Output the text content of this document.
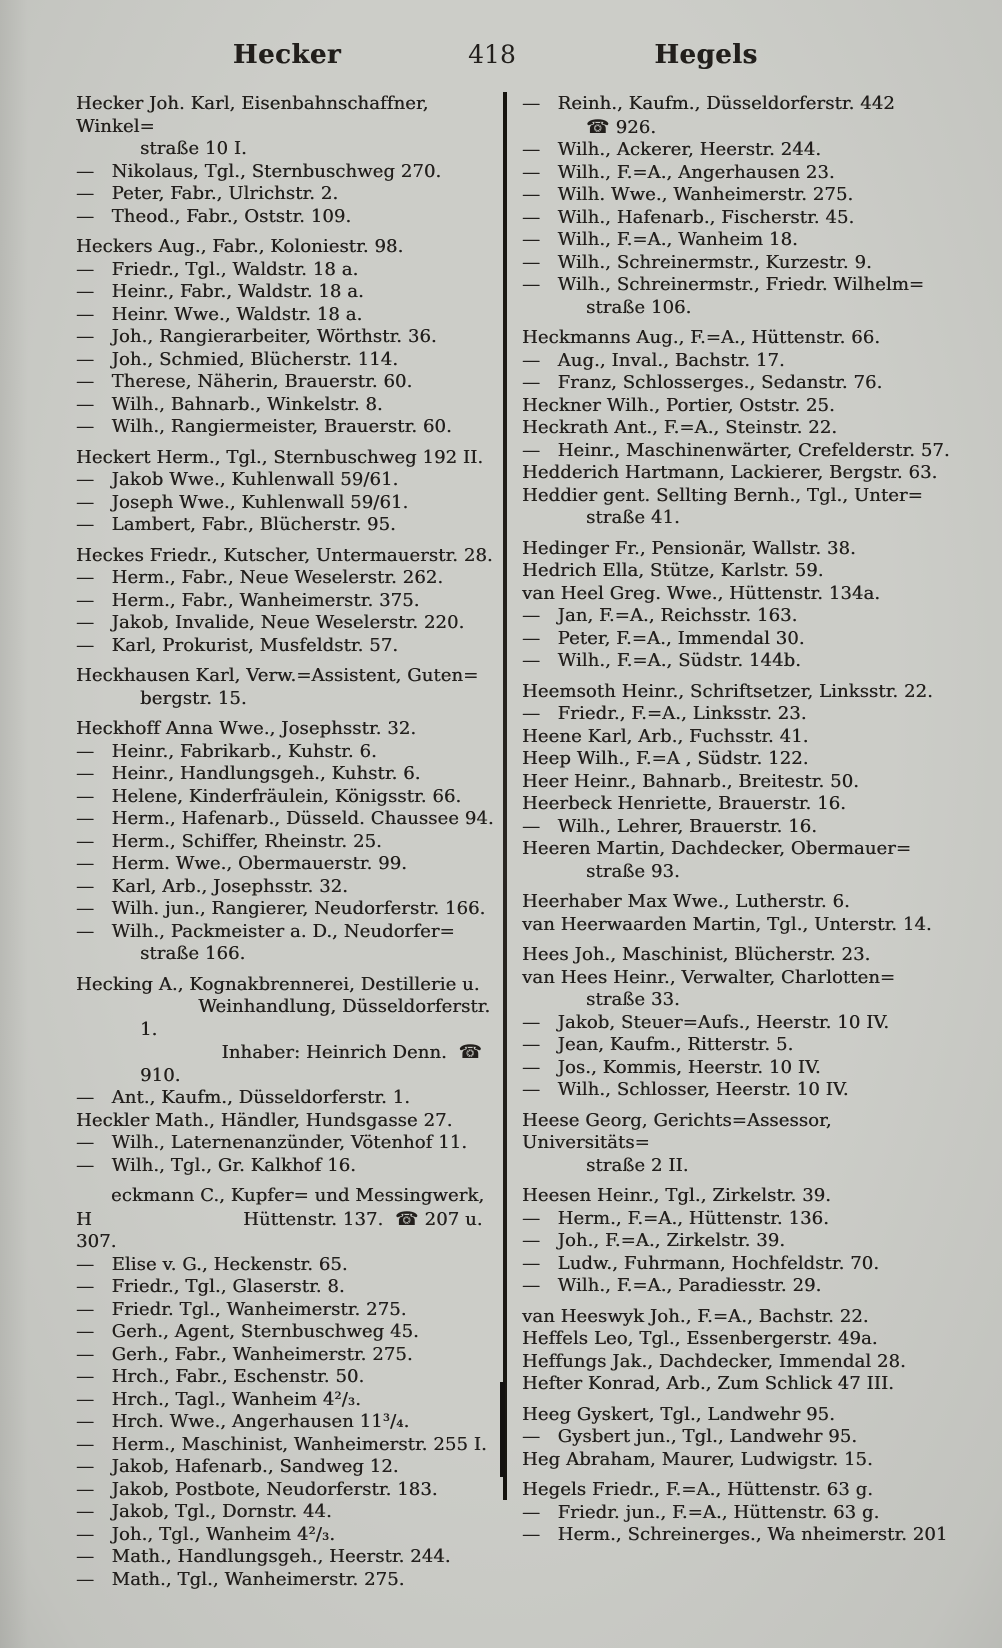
Hecker	418	Hegels
Hecker Joh. Karl, Eisenbahnschaffner, Winkel=
straße 10 I.
—   Nikolaus, Tgl., Sternbuschweg 270.
—   Peter, Fabr., Ulrichstr. 2.
—   Theod., Fabr., Oststr. 109.
Heckers Aug., Fabr., Koloniestr. 98.
—   Friedr., Tgl., Waldstr. 18 a.
—   Heinr., Fabr., Waldstr. 18 a.
—   Heinr. Wwe., Waldstr. 18 a.
—   Joh., Rangierarbeiter, Wörthstr. 36.
—   Joh., Schmied, Blücherstr. 114.
—   Therese, Näherin, Brauerstr. 60.
—   Wilh., Bahnarb., Winkelstr. 8.
—   Wilh., Rangiermeister, Brauerstr. 60.
Heckert Herm., Tgl., Sternbuschweg 192 II.
—   Jakob Wwe., Kuhlenwall 59/61.
—   Joseph Wwe., Kuhlenwall 59/61.
—   Lambert, Fabr., Blücherstr. 95.
Heckes Friedr., Kutscher, Untermauerstr. 28.
—   Herm., Fabr., Neue Weselerstr. 262.
—   Herm., Fabr., Wanheimerstr. 375.
—   Jakob, Invalide, Neue Weselerstr. 220.
—   Karl, Prokurist, Musfeldstr. 57.
Heckhausen Karl, Verw.=Assistent, Guten=
bergstr. 15.
Heckhoff Anna Wwe., Josephsstr. 32.
—   Heinr., Fabrikarb., Kuhstr. 6.
—   Heinr., Handlungsgeh., Kuhstr. 6.
—   Helene, Kinderfräulein, Königsstr. 66.
—   Herm., Hafenarb., Düsseld. Chaussee 94.
—   Herm., Schiffer, Rheinstr. 25.
—   Herm. Wwe., Obermauerstr. 99.
—   Karl, Arb., Josephsstr. 32.
—   Wilh. jun., Rangierer, Neudorferstr. 166.
—   Wilh., Packmeister a. D., Neudorfer=
straße 166.
Hecking A., Kognakbrennerei, Destillerie u.
Weinhandlung, Düsseldorferstr. 1.
Inhaber: Heinrich Denn.  ☎ 910.
—   Ant., Kaufm., Düsseldorferstr. 1.
Heckler Math., Händler, Hundsgasse 27.
—   Wilh., Laternenanzünder, Vötenhof 11.
—   Wilh., Tgl., Gr. Kalkhof 16.
eckmann C., Kupfer= und Messingwerk,
H                          Hüttenstr. 137.  ☎ 207 u. 307.
—   Elise v. G., Heckenstr. 65.
—   Friedr., Tgl., Glaserstr. 8.
—   Friedr. Tgl., Wanheimerstr. 275.
—   Gerh., Agent, Sternbuschweg 45.
—   Gerh., Fabr., Wanheimerstr. 275.
—   Hrch., Fabr., Eschenstr. 50.
—   Hrch., Tagl., Wanheim 4²/₃.
—   Hrch. Wwe., Angerhausen 11³/₄.
—   Herm., Maschinist, Wanheimerstr. 255 I.
—   Jakob, Hafenarb., Sandweg 12.
—   Jakob, Postbote, Neudorferstr. 183.
—   Jakob, Tgl., Dornstr. 44.
—   Joh., Tgl., Wanheim 4²/₃.
—   Math., Handlungsgeh., Heerstr. 244.
—   Math., Tgl., Wanheimerstr. 275.
—   Reinh., Kaufm., Düsseldorferstr. 442
☎ 926.
—   Wilh., Ackerer, Heerstr. 244.
—   Wilh., F.=A., Angerhausen 23.
—   Wilh. Wwe., Wanheimerstr. 275.
—   Wilh., Hafenarb., Fischerstr. 45.
—   Wilh., F.=A., Wanheim 18.
—   Wilh., Schreinermstr., Kurzestr. 9.
—   Wilh., Schreinermstr., Friedr. Wilhelm=
straße 106.
Heckmanns Aug., F.=A., Hüttenstr. 66.
—   Aug., Inval., Bachstr. 17.
—   Franz, Schlosserges., Sedanstr. 76.
Heckner Wilh., Portier, Oststr. 25.
Heckrath Ant., F.=A., Steinstr. 22.
—   Heinr., Maschinenwärter, Crefelderstr. 57.
Hedderich Hartmann, Lackierer, Bergstr. 63.
Heddier gent. Sellting Bernh., Tgl., Unter=
straße 41.
Hedinger Fr., Pensionär, Wallstr. 38.
Hedrich Ella, Stütze, Karlstr. 59.
van Heel Greg. Wwe., Hüttenstr. 134a.
—   Jan, F.=A., Reichsstr. 163.
—   Peter, F.=A., Immendal 30.
—   Wilh., F.=A., Südstr. 144b.
Heemsoth Heinr., Schriftsetzer, Linksstr. 22.
—   Friedr., F.=A., Linksstr. 23.
Heene Karl, Arb., Fuchsstr. 41.
Heep Wilh., F.=A , Südstr. 122.
Heer Heinr., Bahnarb., Breitestr. 50.
Heerbeck Henriette, Brauerstr. 16.
—   Wilh., Lehrer, Brauerstr. 16.
Heeren Martin, Dachdecker, Obermauer=
straße 93.
Heerhaber Max Wwe., Lutherstr. 6.
van Heerwaarden Martin, Tgl., Unterstr. 14.
Hees Joh., Maschinist, Blücherstr. 23.
van Hees Heinr., Verwalter, Charlotten=
straße 33.
—   Jakob, Steuer=Aufs., Heerstr. 10 IV.
—   Jean, Kaufm., Ritterstr. 5.
—   Jos., Kommis, Heerstr. 10 IV.
—   Wilh., Schlosser, Heerstr. 10 IV.
Heese Georg, Gerichts=Assessor, Universitäts=
straße 2 II.
Heesen Heinr., Tgl., Zirkelstr. 39.
—   Herm., F.=A., Hüttenstr. 136.
—   Joh., F.=A., Zirkelstr. 39.
—   Ludw., Fuhrmann, Hochfeldstr. 70.
—   Wilh., F.=A., Paradiesstr. 29.
van Heeswyk Joh., F.=A., Bachstr. 22.
Heffels Leo, Tgl., Essenbergerstr. 49a.
Heffungs Jak., Dachdecker, Immendal 28.
Hefter Konrad, Arb., Zum Schlick 47 III.
Heeg Gyskert, Tgl., Landwehr 95.
—   Gysbert jun., Tgl., Landwehr 95.
Heg Abraham, Maurer, Ludwigstr. 15.
Hegels Friedr., F.=A., Hüttenstr. 63 g.
—   Friedr. jun., F.=A., Hüttenstr. 63 g.
—   Herm., Schreinerges., Wa nheimerstr. 201
